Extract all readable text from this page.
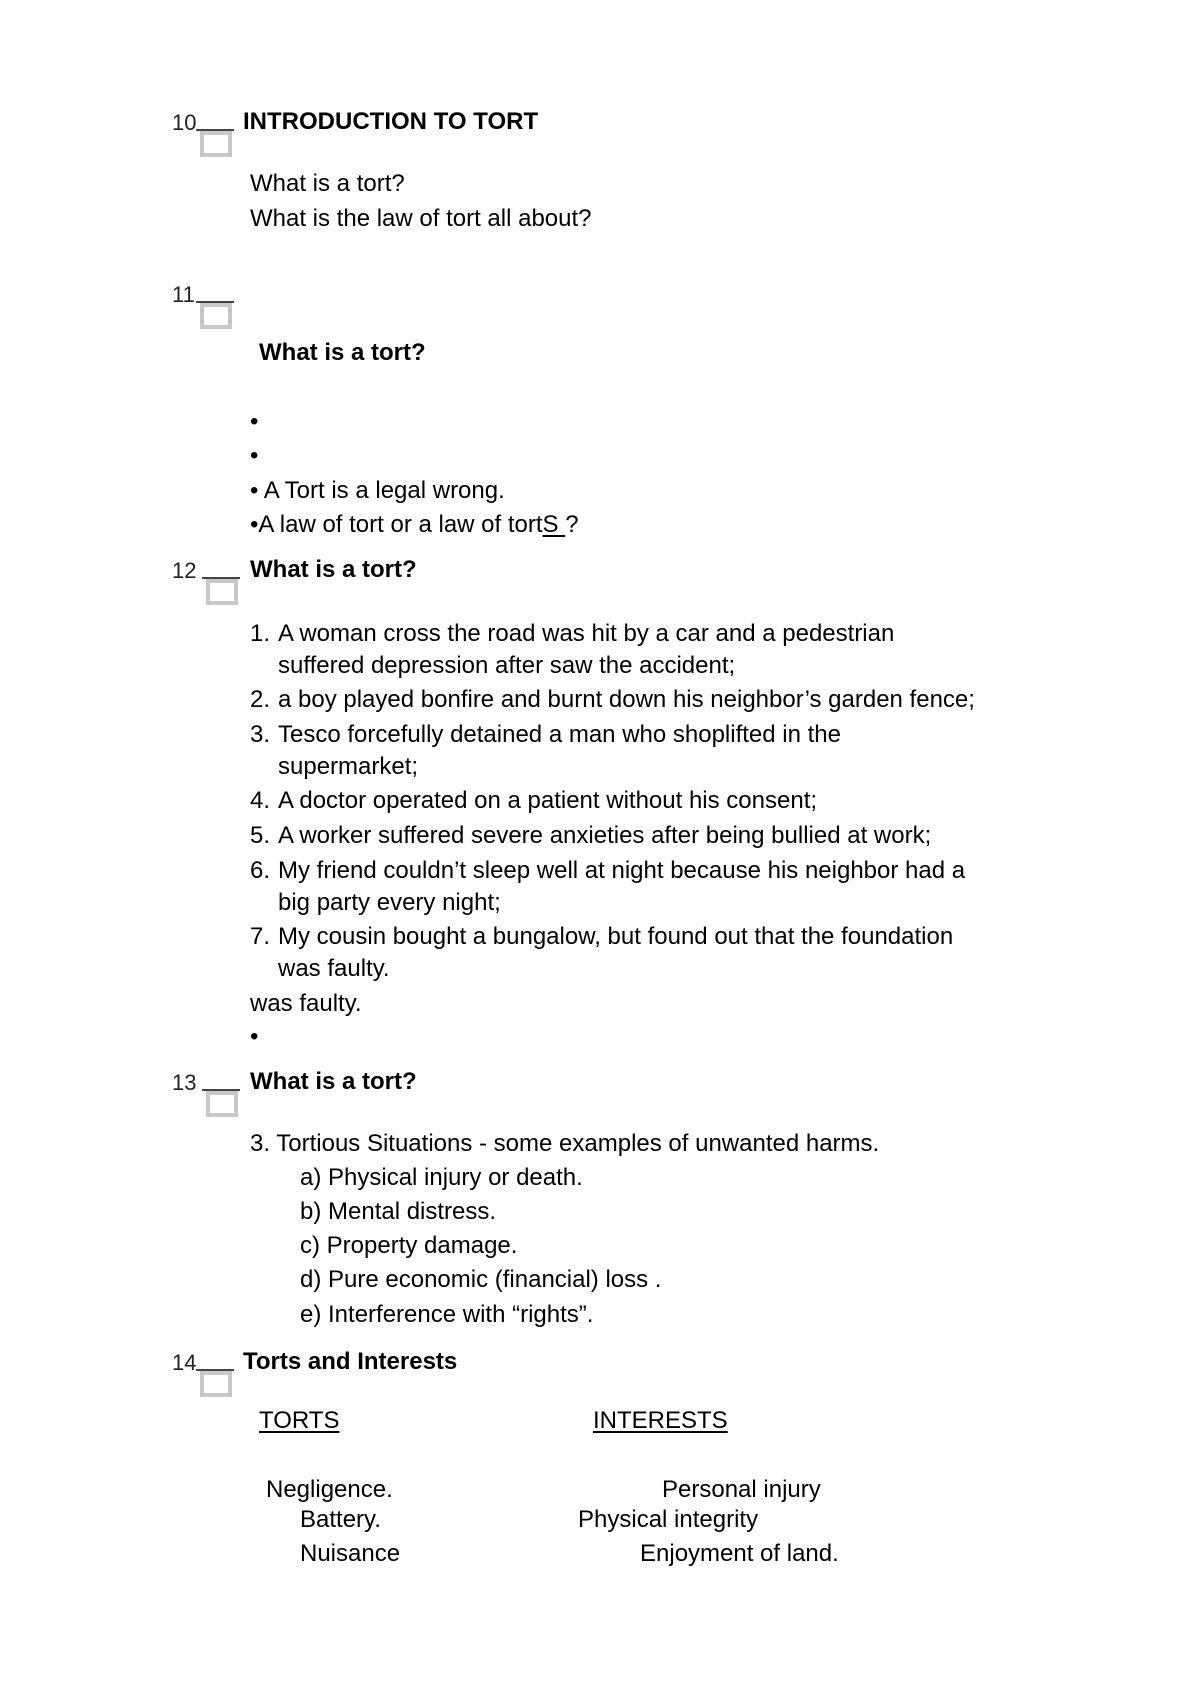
10 INTRODUCTION TO TORT
What is a tort?
What is the law of tort all about?
11
What is a tort?
•
•
• A Tort is a legal wrong.
•A law of tort or a law of tortS ?
12 What is a tort?
1. A woman cross the road was hit by a car and a pedestrian
suffered depression after saw the accident;
2. a boy played bonfire and burnt down his neighbor’s garden fence;
3. Tesco forcefully detained a man who shoplifted in the
supermarket;
4. A doctor operated on a patient without his consent;
5. A worker suffered severe anxieties after being bullied at work;
6. My friend couldn’t sleep well at night because his neighbor had a
big party every night;
7. My cousin bought a bungalow, but found out that the foundation
was faulty.
was faulty.
•
13 What is a tort?
3. Tortious Situations - some examples of unwanted harms.
a) Physical injury or death.
b) Mental distress.
c) Property damage.
d) Pure economic (financial) loss .
e) Interference with “rights”.
14 Torts and Interests
TORTS	INTERESTS
Negligence.	Personal injury
Battery.	Physical integrity
Nuisance	Enjoyment of land.
